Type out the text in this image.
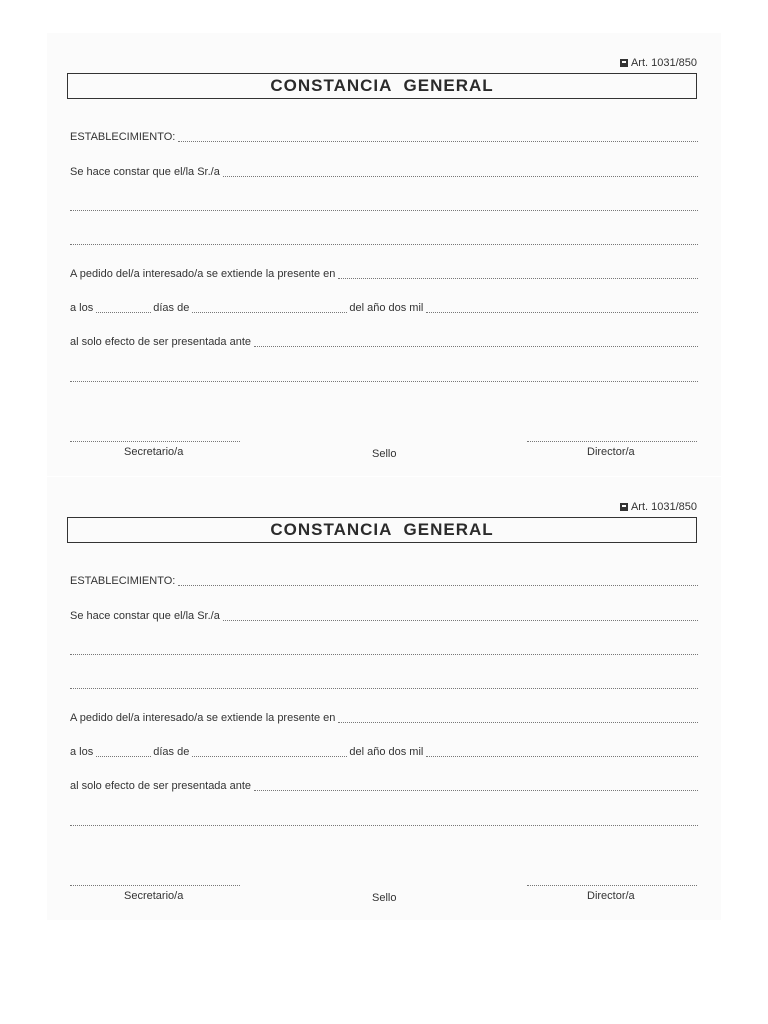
Art. 1031/850
CONSTANCIA GENERAL
ESTABLECIMIENTO:
Se hace constar que el/la Sr./a
A pedido del/a interesado/a se extiende la presente en
a los	días de	del año dos mil
al solo efecto de ser presentada ante
Secretario/a	Sello	Director/a
Art. 1031/850
CONSTANCIA GENERAL
ESTABLECIMIENTO:
Se hace constar que el/la Sr./a
A pedido del/a interesado/a se extiende la presente en
a los	días de	del año dos mil
al solo efecto de ser presentada ante
Secretario/a	Sello	Director/a
